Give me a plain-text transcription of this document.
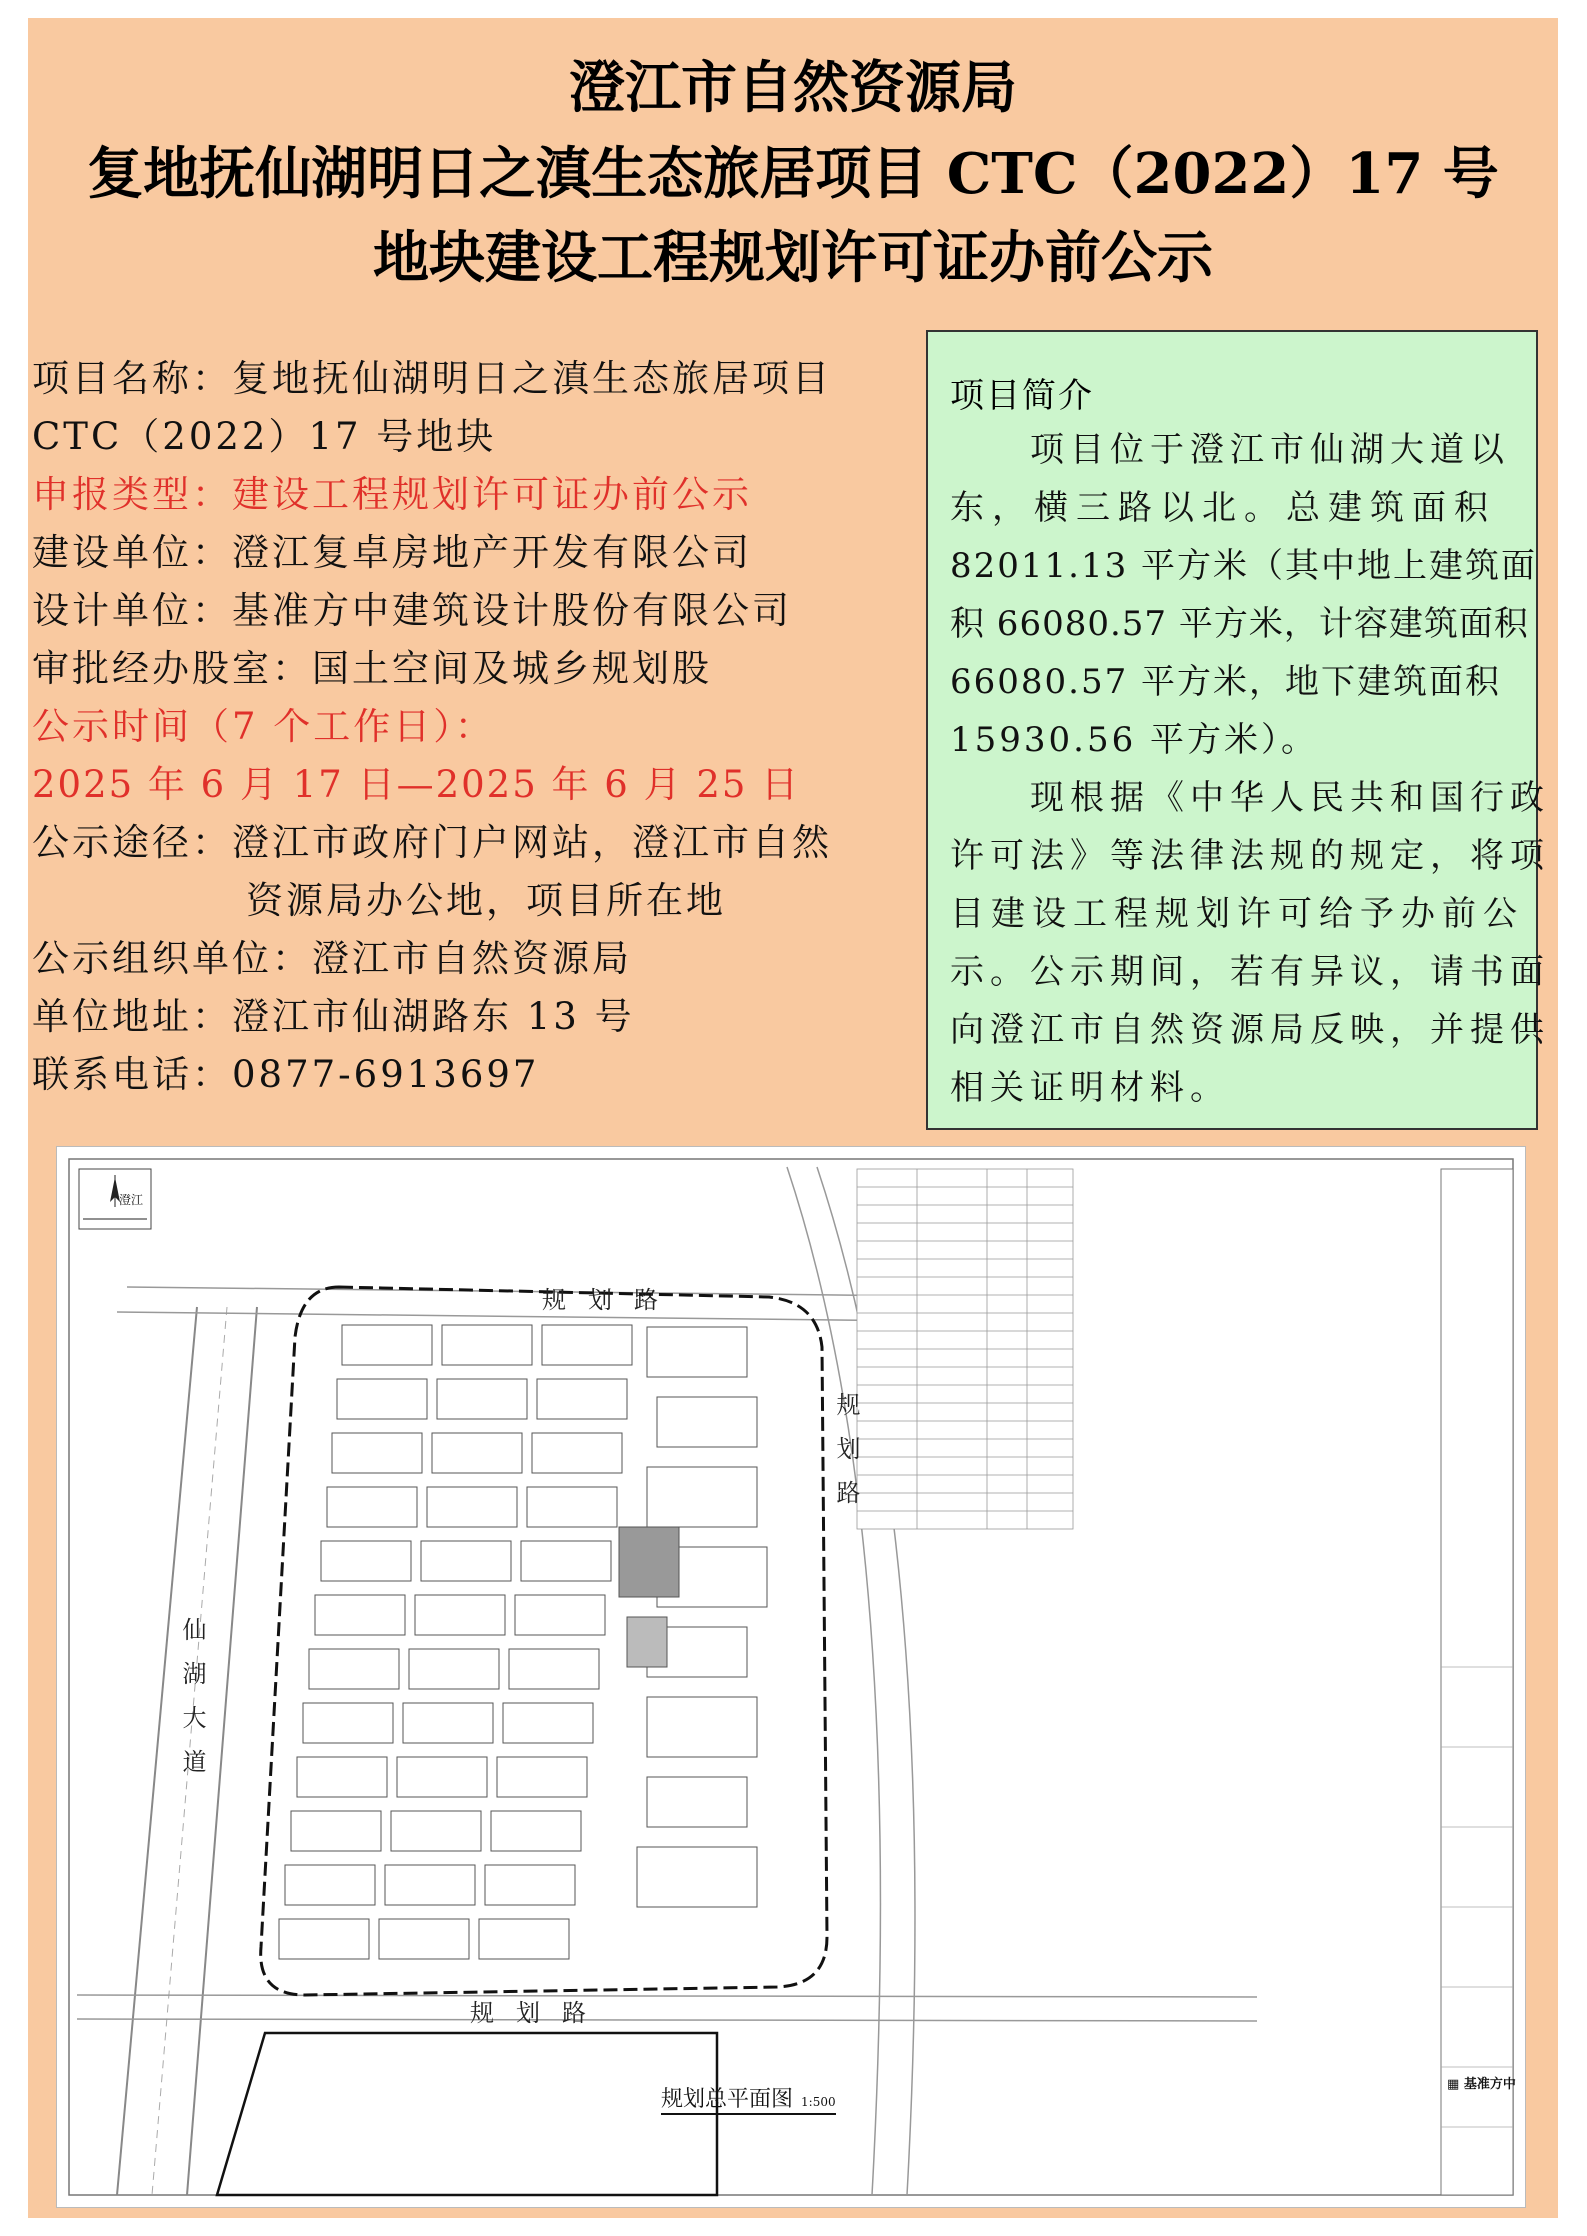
澄江市自然资源局
复地抚仙湖明日之滇生态旅居项目 CTC（2022）17 号
地块建设工程规划许可证办前公示
项目名称：复地抚仙湖明日之滇生态旅居项目
CTC（2022）17 号地块
申报类型：建设工程规划许可证办前公示
建设单位：澄江复卓房地产开发有限公司
设计单位：基准方中建筑设计股份有限公司
审批经办股室：国土空间及城乡规划股
公示时间（7 个工作日）：
2025 年 6 月 17 日—2025 年 6 月 25 日
公示途径：澄江市政府门户网站，澄江市自然
资源局办公地，项目所在地
公示组织单位：澄江市自然资源局
单位地址：澄江市仙湖路东 13 号
联系电话：0877-6913697
项目简介
　　项目位于澄江市仙湖大道以
东，横三路以北。总建筑面积
82011.13 平方米（其中地上建筑面
积 66080.57 平方米，计容建筑面积
66080.57 平方米，地下建筑面积
15930.56 平方米）。
　　现根据《中华人民共和国行政
许可法》等法律法规的规定，将项
目建设工程规划许可给予办前公
示。公示期间，若有异议，请书面
向澄江市自然资源局反映，并提供
相关证明材料。
澄江
规划路
规划路
规划路
仙湖大道
规划总平面图 1:500
▦ 基准方中
